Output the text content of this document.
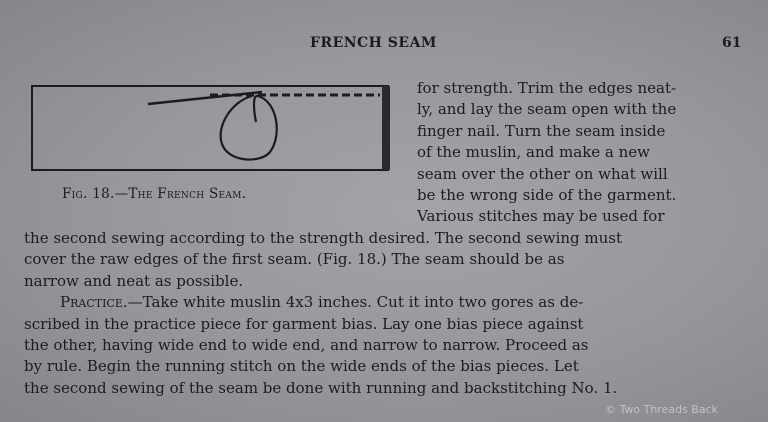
FRENCH SEAM	61
Fig. 18.—The French Seam.
for strength. Trim the edges neat-
ly, and lay the seam open with the
finger nail. Turn the seam inside
of the muslin, and make a new
seam over the other on what will
be the wrong side of the garment.
Various stitches may be used for
the second sewing according to the strength desired. The second sewing must
cover the raw edges of the first seam. (Fig. 18.) The seam should be as
narrow and neat as possible.
Practice.—Take white muslin 4x3 inches. Cut it into two gores as de-
scribed in the practice piece for garment bias. Lay one bias piece against
the other, having wide end to wide end, and narrow to narrow. Proceed as
by rule. Begin the running stitch on the wide ends of the bias pieces. Let
the second sewing of the seam be done with running and backstitching No. 1.
© Two Threads Back
